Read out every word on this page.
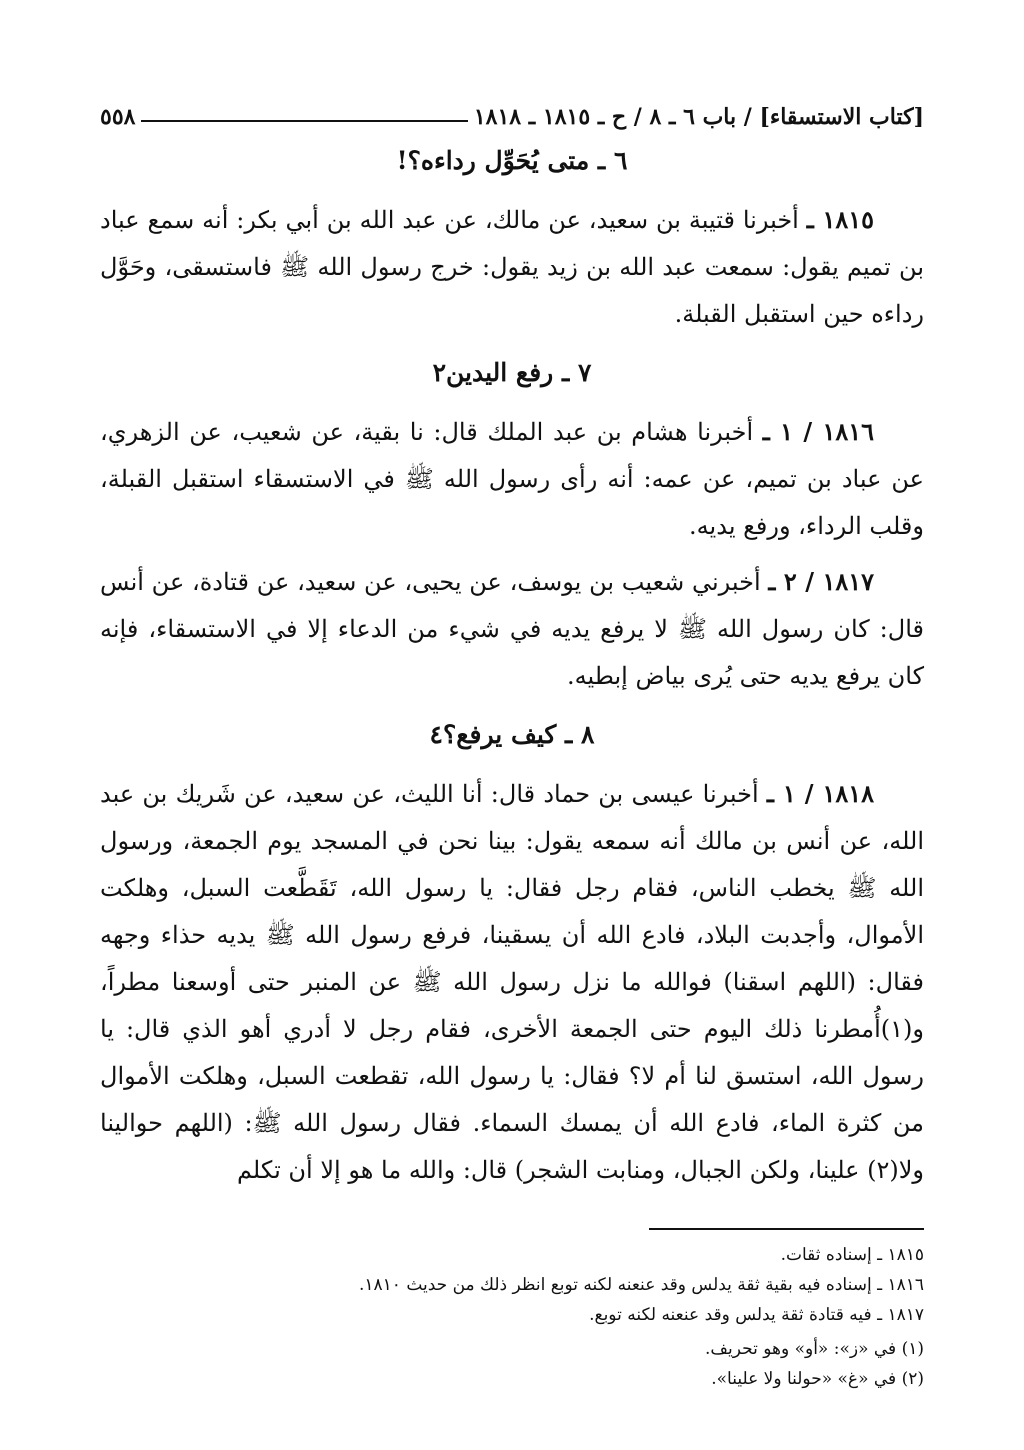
٥٥٨	[كتاب الاستسقاء] / باب ٦ ـ ٨ / ح ـ ١٨١٥ ـ ١٨١٨
٦ ـ متى يُحَوِّل رداءه؟!

١٨١٥ ـ أخبرنا قتيبة بن سعيد، عن مالك، عن عبد الله بن أبي بكر: أنه سمع عباد بن تميم يقول: سمعت عبد الله بن زيد يقول: خرج رسول الله ﷺ فاستسقى، وحَوَّل رداءه حين استقبل القبلة.

٧ ـ رفع اليدين٢

١٨١٦ / ١ ـ أخبرنا هشام بن عبد الملك قال: نا بقية، عن شعيب، عن الزهري، عن عباد بن تميم، عن عمه: أنه رأى رسول الله ﷺ في الاستسقاء استقبل القبلة، وقلب الرداء، ورفع يديه.

١٨١٧ / ٢ ـ أخبرني شعيب بن يوسف، عن يحيى، عن سعيد، عن قتادة، عن أنس قال: كان رسول الله ﷺ لا يرفع يديه في شيء من الدعاء إلا في الاستسقاء، فإنه كان يرفع يديه حتى يُرى بياض إبطيه.

٨ ـ كيف يرفع؟٤

١٨١٨ / ١ ـ أخبرنا عيسى بن حماد قال: أنا الليث، عن سعيد، عن شَريك بن عبد الله، عن أنس بن مالك أنه سمعه يقول: بينا نحن في المسجد يوم الجمعة، ورسول الله ﷺ يخطب الناس، فقام رجل فقال: يا رسول الله، تَقَطَّعت السبل، وهلكت الأموال، وأجدبت البلاد، فادع الله أن يسقينا، فرفع رسول الله ﷺ يديه حذاء وجهه فقال: (اللهم اسقنا) فوالله ما نزل رسول الله ﷺ عن المنبر حتى أوسعنا مطراً، و(١)أُمطرنا ذلك اليوم حتى الجمعة الأخرى، فقام رجل لا أدري أهو الذي قال: يا رسول الله، استسق لنا أم لا؟ فقال: يا رسول الله، تقطعت السبل، وهلكت الأموال من كثرة الماء، فادع الله أن يمسك السماء. فقال رسول الله ﷺ: (اللهم حوالينا ولا(٢) علينا، ولكن الجبال، ومنابت الشجر) قال: والله ما هو إلا أن تكلم

١٨١٥ ـ إسناده ثقات.

١٨١٦ ـ إسناده فيه بقية ثقة يدلس وقد عنعنه لكنه توبع انظر ذلك من حديث ١٨١٠.

١٨١٧ ـ فيه قتادة ثقة يدلس وقد عنعنه لكنه توبع.

(١) في «ز»: «أو» وهو تحريف.

(٢) في «غ» «حولنا ولا علينا».
